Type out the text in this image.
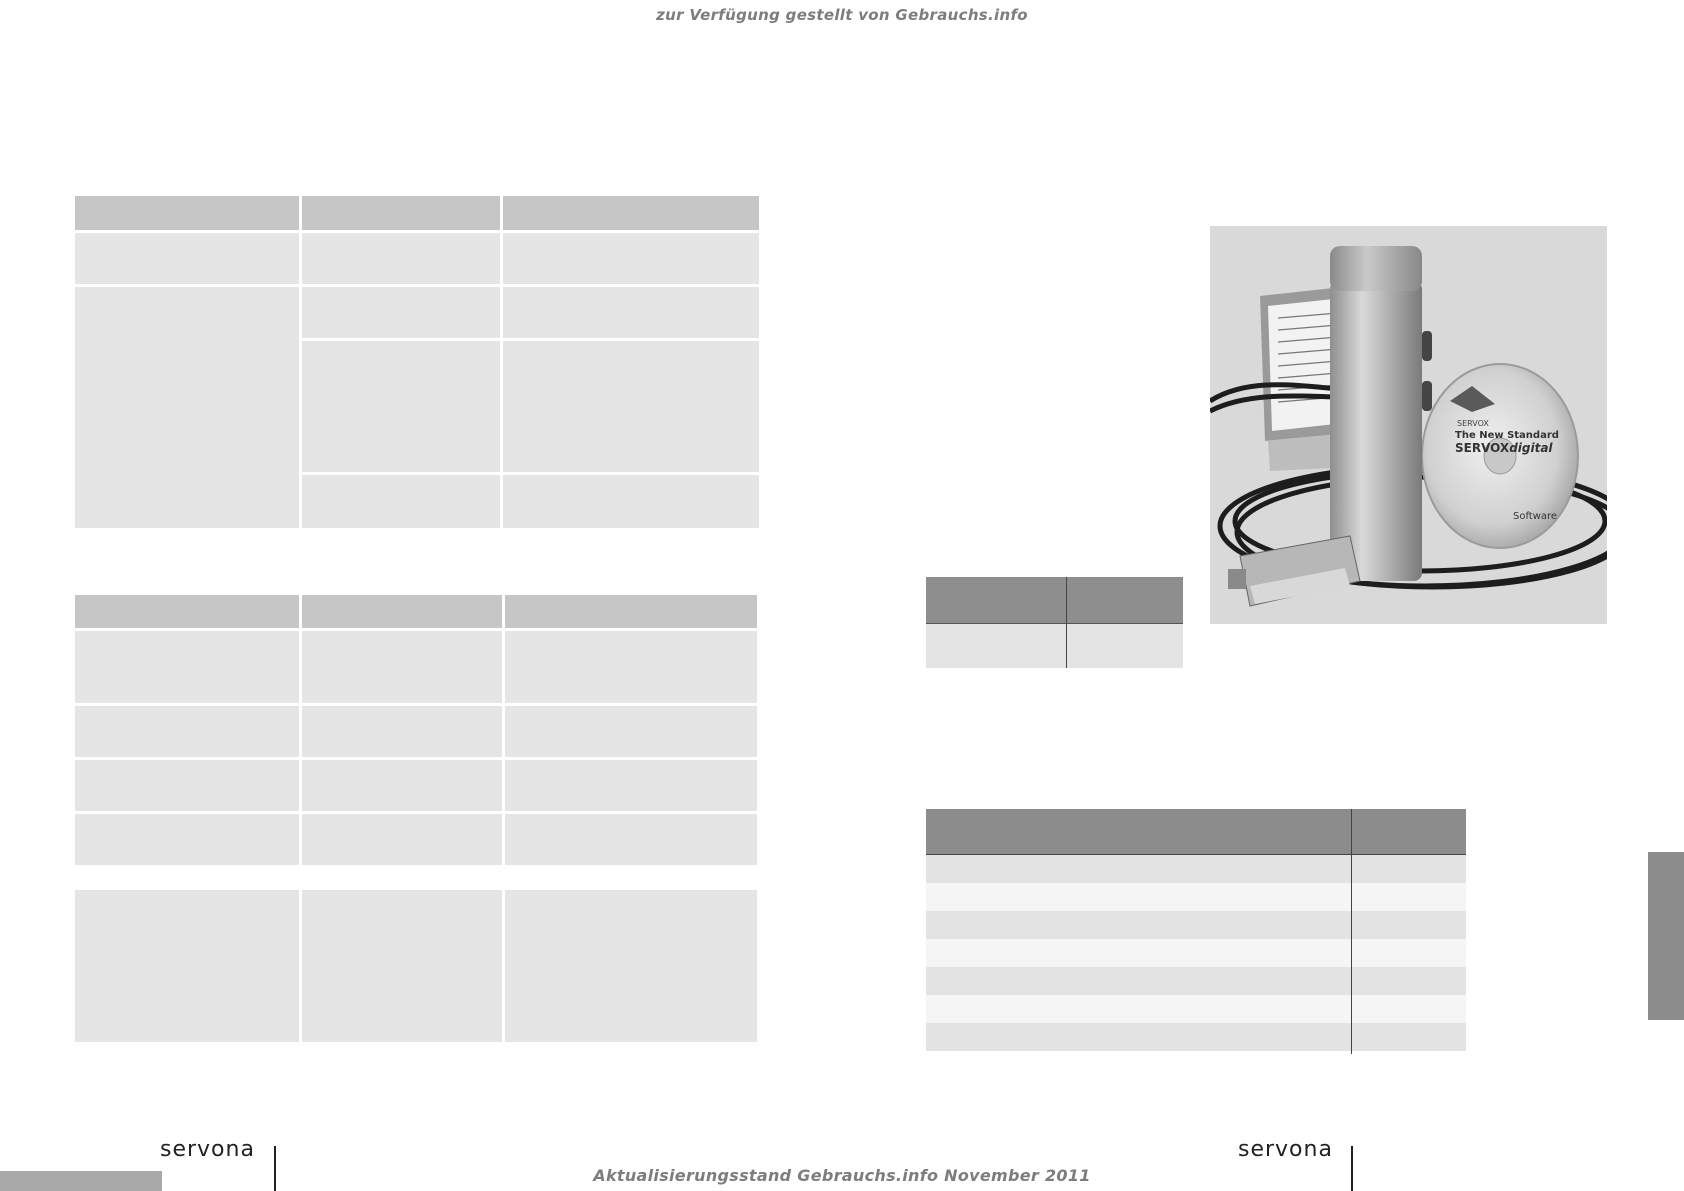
zur Verfügung gestellt von Gebrauchs.info
SERVOX
The New Standard
SERVOXdigital
Software
servona	servona
Aktualisierungsstand Gebrauchs.info November 2011
